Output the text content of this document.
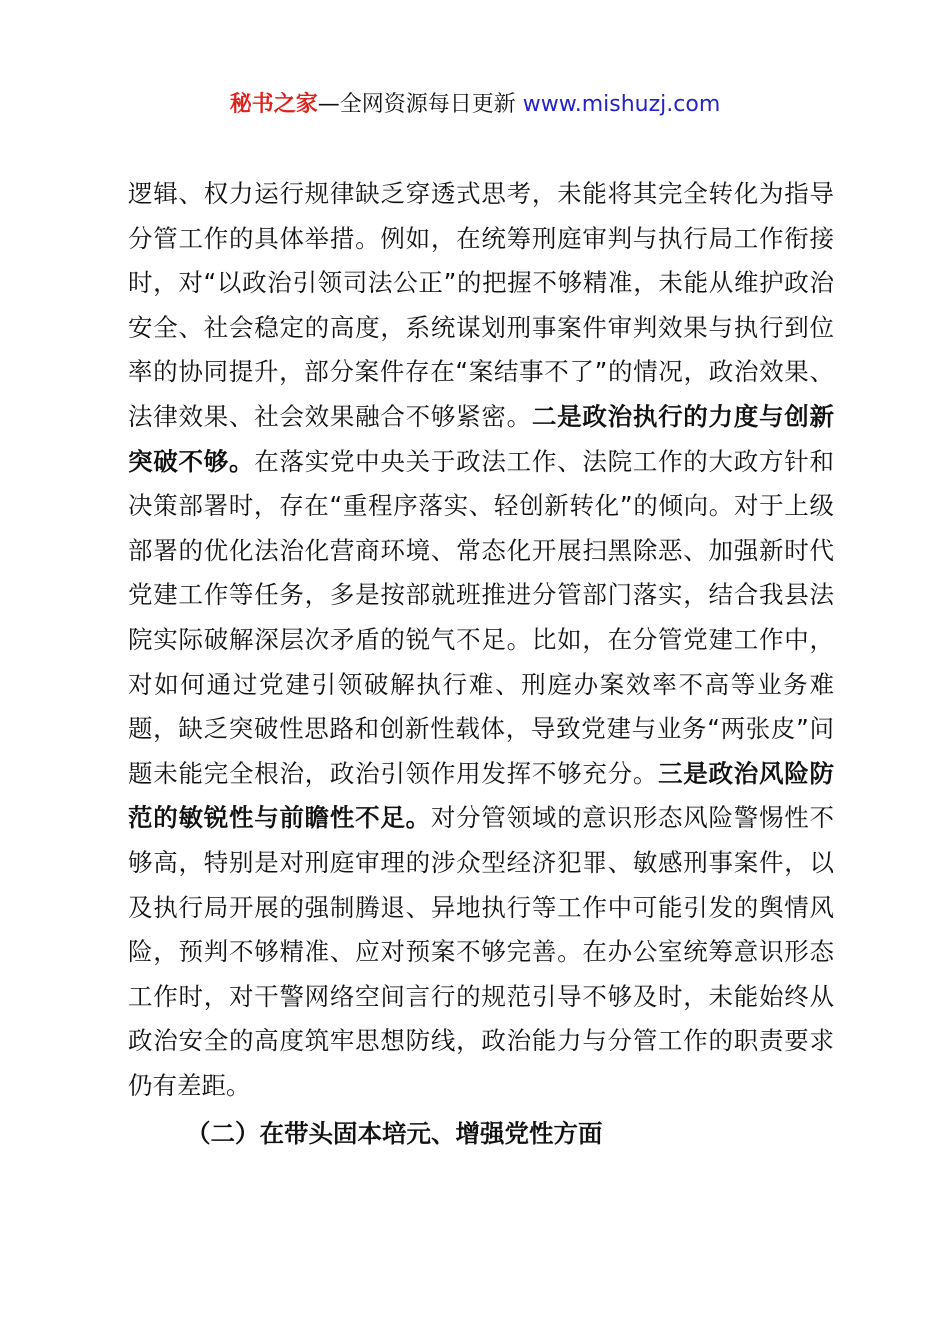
秘书之家—全网资源每日更新 www.mishuzj.com
逻辑、权力运行规律缺乏穿透式思考，未能将其完全转化为指导分管工作的具体举措。例如，在统筹刑庭审判与执行局工作衔接时，对“以政治引领司法公正”的把握不够精准，未能从维护政治安全、社会稳定的高度，系统谋划刑事案件审判效果与执行到位率的协同提升，部分案件存在“案结事不了”的情况，政治效果、法律效果、社会效果融合不够紧密。二是政治执行的力度与创新突破不够。在落实党中央关于政法工作、法院工作的大政方针和决策部署时，存在“重程序落实、轻创新转化”的倾向。对于上级部署的优化法治化营商环境、常态化开展扫黑除恶、加强新时代党建工作等任务，多是按部就班推进分管部门落实，结合我县法院实际破解深层次矛盾的锐气不足。比如，在分管党建工作中，对如何通过党建引领破解执行难、刑庭办案效率不高等业务难题，缺乏突破性思路和创新性载体，导致党建与业务“两张皮”问题未能完全根治，政治引领作用发挥不够充分。三是政治风险防范的敏锐性与前瞻性不足。对分管领域的意识形态风险警惕性不够高，特别是对刑庭审理的涉众型经济犯罪、敏感刑事案件，以及执行局开展的强制腾退、异地执行等工作中可能引发的舆情风险，预判不够精准、应对预案不够完善。在办公室统筹意识形态工作时，对干警网络空间言行的规范引导不够及时，未能始终从政治安全的高度筑牢思想防线，政治能力与分管工作的职责要求仍有差距。
（二）在带头固本培元、增强党性方面
